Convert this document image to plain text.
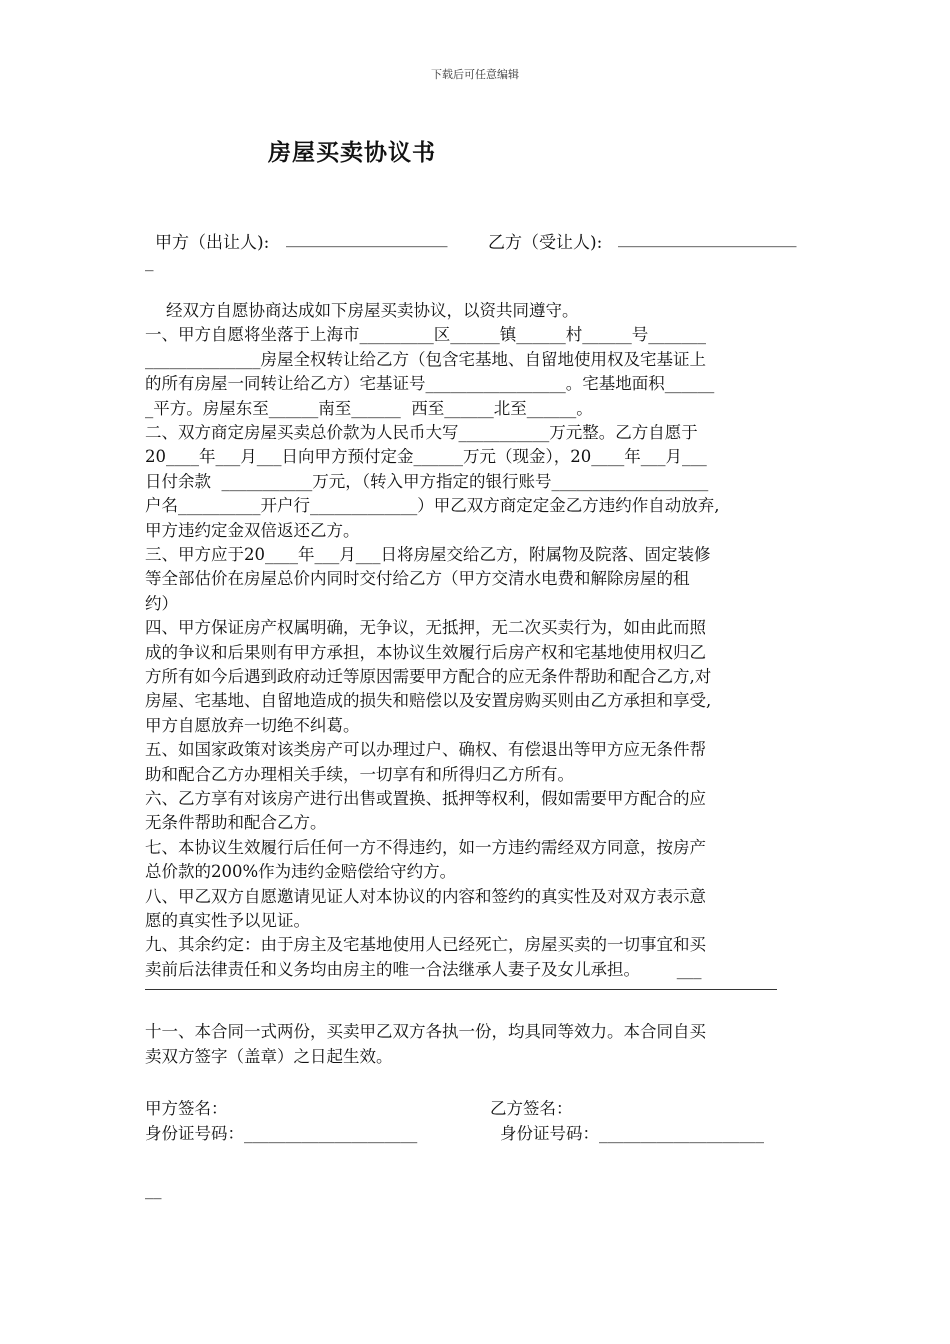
下载后可任意编辑
房屋买卖协议书
甲方（出让人): ___________________ 乙方（受让人): _____________________
_
经双方自愿协商达成如下房屋买卖协议，以资共同遵守。
一、甲方自愿将坐落于上海市_________区______镇______村______号_______
______________房屋全权转让给乙方（包含宅基地、自留地使用权及宅基证上
的所有房屋一同转让给乙方）宅基证号_________________。宅基地面积______
_平方。房屋东至______南至______  西至______北至______。
二、双方商定房屋买卖总价款为人民币大写___________万元整。乙方自愿于
20____年___月___日向甲方预付定金______万元（现金），20____年___月___
日付余款  ___________万元，（转入甲方指定的银行账号___________________
户名__________开户行_____________）甲乙双方商定定金乙方违约作自动放弃,
甲方违约定金双倍返还乙方。
三、甲方应于20____年___月___日将房屋交给乙方，附属物及院落、固定装修
等全部估价在房屋总价内同时交付给乙方（甲方交清水电费和解除房屋的租
约）
四、甲方保证房产权属明确，无争议，无抵押，无二次买卖行为，如由此而照
成的争议和后果则有甲方承担，本协议生效履行后房产权和宅基地使用权归乙
方所有如今后遇到政府动迁等原因需要甲方配合的应无条件帮助和配合乙方,对
房屋、宅基地、自留地造成的损失和赔偿以及安置房购买则由乙方承担和享受,
甲方自愿放弃一切绝不纠葛。
五、如国家政策对该类房产可以办理过户、确权、有偿退出等甲方应无条件帮
助和配合乙方办理相关手续，一切享有和所得归乙方所有。
六、乙方享有对该房产进行出售或置换、抵押等权利，假如需要甲方配合的应
无条件帮助和配合乙方。
七、本协议生效履行后任何一方不得违约，如一方违约需经双方同意，按房产
总价款的200%作为违约金赔偿给守约方。
八、甲乙双方自愿邀请见证人对本协议的内容和签约的真实性及对双方表示意
愿的真实性予以见证。
九、其余约定：由于房主及宅基地使用人已经死亡，房屋买卖的一切事宜和买
卖前后法律责任和义务均由房主的唯一合法继承人妻子及女儿承担。       ___
十一、本合同一式两份，买卖甲乙双方各执一份，均具同等效力。本合同自买
卖双方签字（盖章）之日起生效。
甲方签名：	乙方签名：
身份证号码：_____________________	身份证号码：____________________
__
